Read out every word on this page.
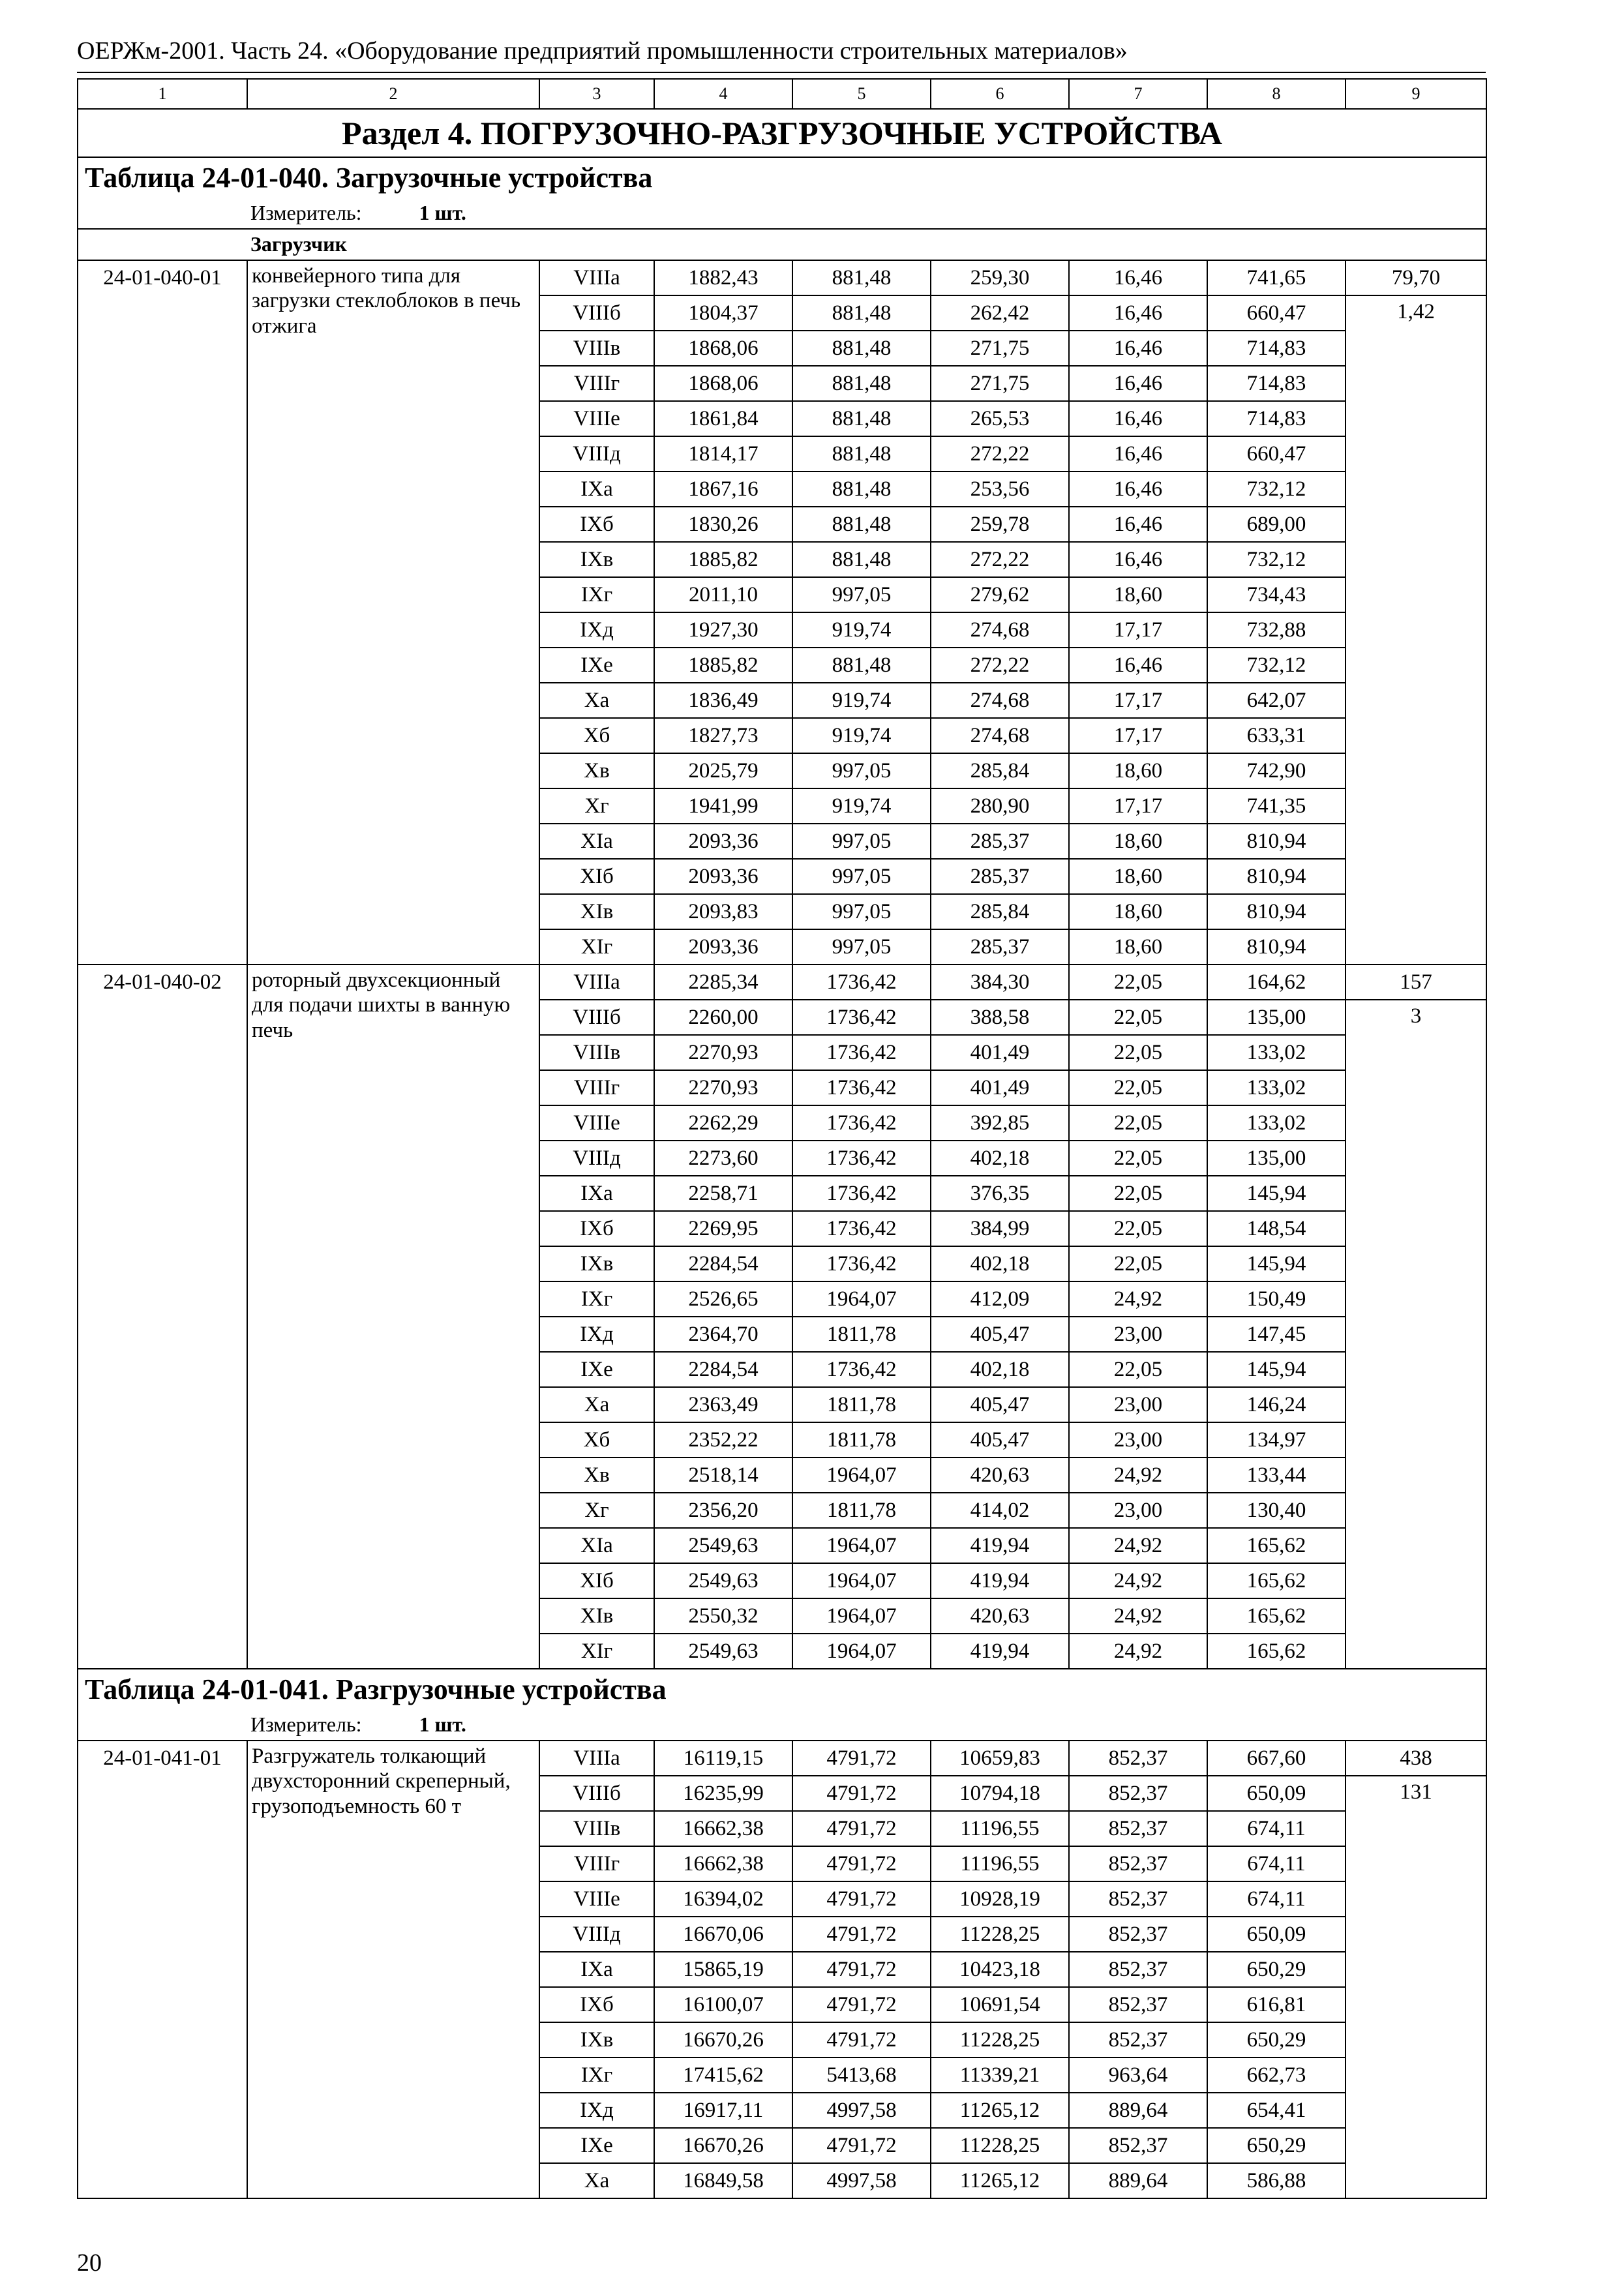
ОЕРЖм-2001. Часть 24. «Оборудование предприятий промышленности строительных материалов»
1	2	3	4	5	6	7	8	9
Раздел 4. ПОГРУЗОЧНО-РАЗГРУЗОЧНЫЕ УСТРОЙСТВА								
Таблица 24-01-040. Загрузочные устройства								
Измеритель: 1 шт.								
Загрузчик								
24-01-040-01	конвейерного типа для загрузки стеклоблоков в печь отжига	VIIIа	1882,43	881,48	259,30	16,46	741,65	79,70
		VIIIб	1804,37	881,48	262,42	16,46	660,47	1,42
		VIIIв	1868,06	881,48	271,75	16,46	714,83	
		VIIIг	1868,06	881,48	271,75	16,46	714,83	
		VIIIе	1861,84	881,48	265,53	16,46	714,83	
		VIIIд	1814,17	881,48	272,22	16,46	660,47	
		IXа	1867,16	881,48	253,56	16,46	732,12	
		IXб	1830,26	881,48	259,78	16,46	689,00	
		IXв	1885,82	881,48	272,22	16,46	732,12	
		IXг	2011,10	997,05	279,62	18,60	734,43	
		IXд	1927,30	919,74	274,68	17,17	732,88	
		IXе	1885,82	881,48	272,22	16,46	732,12	
		Xа	1836,49	919,74	274,68	17,17	642,07	
		Xб	1827,73	919,74	274,68	17,17	633,31	
		Xв	2025,79	997,05	285,84	18,60	742,90	
		Xг	1941,99	919,74	280,90	17,17	741,35	
		XIа	2093,36	997,05	285,37	18,60	810,94	
		XIб	2093,36	997,05	285,37	18,60	810,94	
		XIв	2093,83	997,05	285,84	18,60	810,94	
		XIг	2093,36	997,05	285,37	18,60	810,94	
24-01-040-02	роторный двухсекционный для подачи шихты в ванную печь	VIIIа	2285,34	1736,42	384,30	22,05	164,62	157
		VIIIб	2260,00	1736,42	388,58	22,05	135,00	3
		VIIIв	2270,93	1736,42	401,49	22,05	133,02	
		VIIIг	2270,93	1736,42	401,49	22,05	133,02	
		VIIIе	2262,29	1736,42	392,85	22,05	133,02	
		VIIIд	2273,60	1736,42	402,18	22,05	135,00	
		IXа	2258,71	1736,42	376,35	22,05	145,94	
		IXб	2269,95	1736,42	384,99	22,05	148,54	
		IXв	2284,54	1736,42	402,18	22,05	145,94	
		IXг	2526,65	1964,07	412,09	24,92	150,49	
		IXд	2364,70	1811,78	405,47	23,00	147,45	
		IXе	2284,54	1736,42	402,18	22,05	145,94	
		Xа	2363,49	1811,78	405,47	23,00	146,24	
		Xб	2352,22	1811,78	405,47	23,00	134,97	
		Xв	2518,14	1964,07	420,63	24,92	133,44	
		Xг	2356,20	1811,78	414,02	23,00	130,40	
		XIа	2549,63	1964,07	419,94	24,92	165,62	
		XIб	2549,63	1964,07	419,94	24,92	165,62	
		XIв	2550,32	1964,07	420,63	24,92	165,62	
		XIг	2549,63	1964,07	419,94	24,92	165,62	
Таблица 24-01-041. Разгрузочные устройства								
Измеритель: 1 шт.								
24-01-041-01	Разгружатель толкающий двухсторонний скреперный, грузоподъемность 60 т	VIIIа	16119,15	4791,72	10659,83	852,37	667,60	438
		VIIIб	16235,99	4791,72	10794,18	852,37	650,09	131
		VIIIв	16662,38	4791,72	11196,55	852,37	674,11	
		VIIIг	16662,38	4791,72	11196,55	852,37	674,11	
		VIIIе	16394,02	4791,72	10928,19	852,37	674,11	
		VIIIд	16670,06	4791,72	11228,25	852,37	650,09	
		IXа	15865,19	4791,72	10423,18	852,37	650,29	
		IXб	16100,07	4791,72	10691,54	852,37	616,81	
		IXв	16670,26	4791,72	11228,25	852,37	650,29	
		IXг	17415,62	5413,68	11339,21	963,64	662,73	
		IXд	16917,11	4997,58	11265,12	889,64	654,41	
		IXе	16670,26	4791,72	11228,25	852,37	650,29	
		Xа	16849,58	4997,58	11265,12	889,64	586,88	
20
